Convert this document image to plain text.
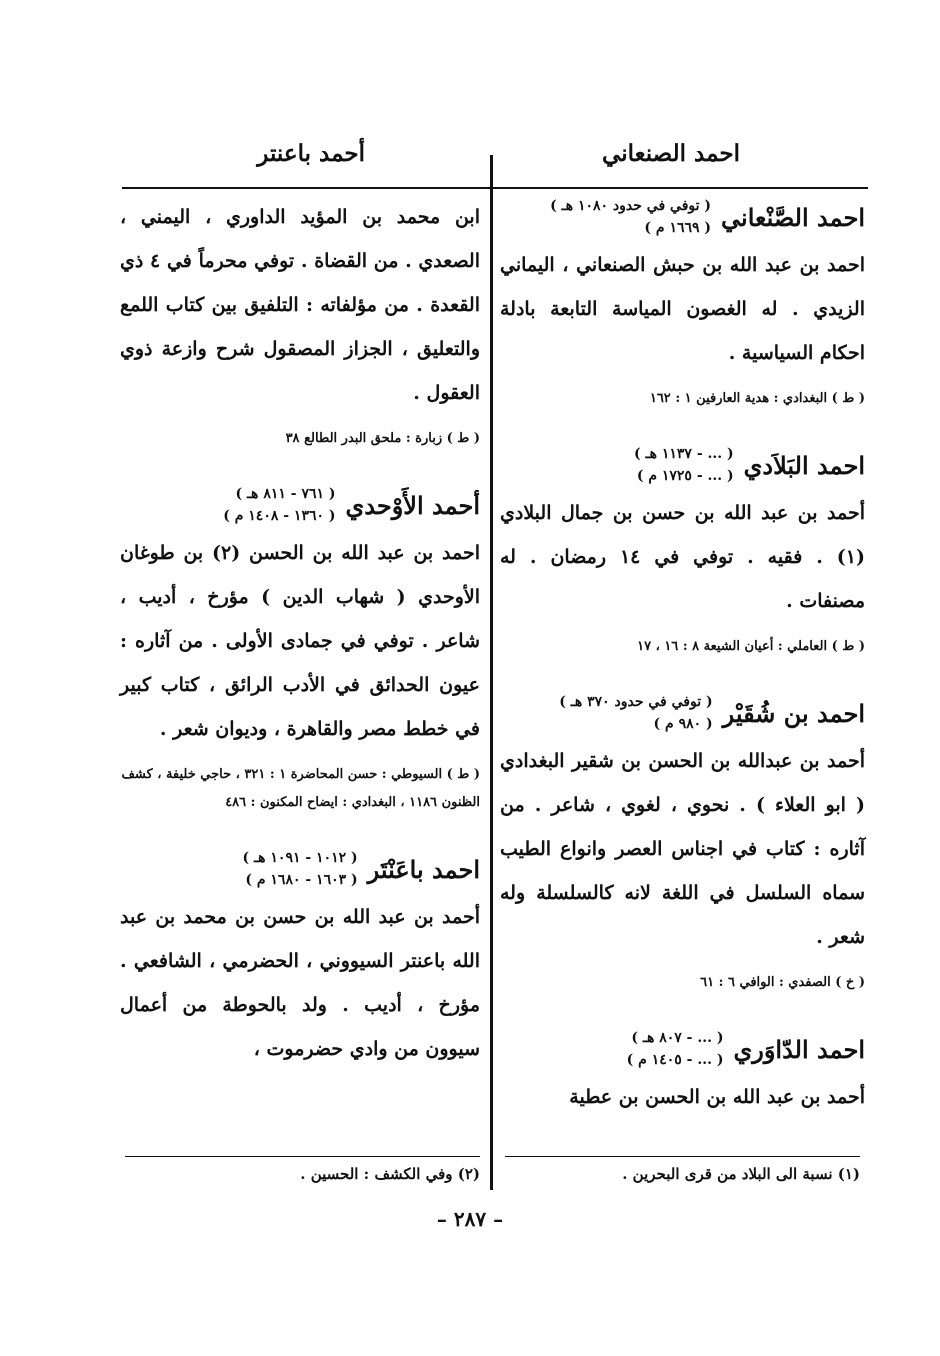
احمد الصنعاني
أحمد باعنتر
احمد الصَّنْعاني
( توفي في حدود ١٠٨٠ هـ )
( ١٦٦٩ م )

احمد بن عبد الله بن حبش الصنعاني ، اليماني الزيدي . له الغصون المياسة التابعة بادلة احكام السياسية .

( ط ) البغدادي : هدية العارفين ١ : ١٦٢
احمد البَلاَدي
( ... - ١١٣٧ هـ )
( ... - ١٧٢٥ م )

أحمد بن عبد الله بن حسن بن جمال البلادي (١) . فقيه . توفي في ١٤ رمضان . له مصنفات .

( ط ) العاملي : أعيان الشيعة ٨ : ١٦ ، ١٧
احمد بن شُقَيْر
( توفي في حدود ٣٧٠ هـ )
( ٩٨٠ م )

أحمد بن عبدالله بن الحسن بن شقير البغدادي ( ابو العلاء ) . نحوي ، لغوي ، شاعر . من آثاره : كتاب في اجناس العصر وانواع الطيب سماه السلسل في اللغة لانه كالسلسلة وله شعر .

( خ ) الصفدي : الوافي ٦ : ٦١
احمد الدّاوَري
( ... - ٨٠٧ هـ )
( ... - ١٤٠٥ م )

أحمد بن عبد الله بن الحسن بن عطية

ابن محمد بن المؤيد الداوري ، اليمني ، الصعدي . من القضاة . توفي محرماً في ٤ ذي القعدة . من مؤلفاته : التلفيق بين كتاب اللمع والتعليق ، الجزاز المصقول شرح وازعة ذوي العقول .

( ط ) زبارة : ملحق البدر الطالع ٣٨
أحمد الأَوْحدي
( ٧٦١ - ٨١١ هـ )
( ١٣٦٠ - ١٤٠٨ م )

احمد بن عبد الله بن الحسن (٢) بن طوغان الأوحدي ( شهاب الدين ) مؤرخ ، أديب ، شاعر . توفي في جمادى الأولى . من آثاره : عيون الحدائق في الأدب الرائق ، كتاب كبير في خطط مصر والقاهرة ، وديوان شعر .

( ط ) السيوطي : حسن المحاضرة ١ : ٣٢١ ، حاجي خليفة ، كشف الظنون ١١٨٦ ، البغدادي : ايضاح المكنون : ٤٨٦
احمد باعَنْتَر
( ١٠١٢ - ١٠٩١ هـ )
( ١٦٠٣ - ١٦٨٠ م )

أحمد بن عبد الله بن حسن بن محمد بن عبد الله باعنتر السيووني ، الحضرمي ، الشافعي . مؤرخ ، أديب . ولد بالحوطة من أعمال سيوون من وادي حضرموت ،

(١) نسبة الى البلاد من قرى البحرين .
(٢) وفي الكشف : الحسين .
– ٢٨٧ –
